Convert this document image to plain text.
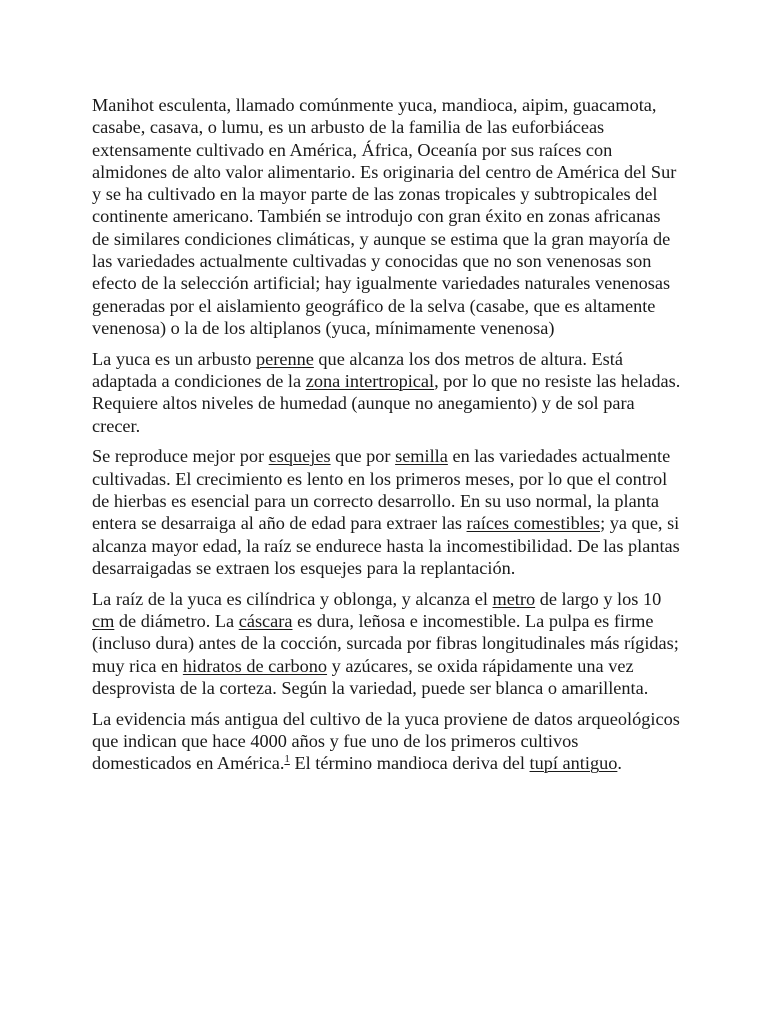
Manihot esculenta, llamado comúnmente yuca, mandioca, aipim, guacamota, casabe, casava, o lumu, es un arbusto de la familia de las euforbiáceas extensamente cultivado en América, África, Oceanía por sus raíces con almidones de alto valor alimentario. Es originaria del centro de América del Sur y se ha cultivado en la mayor parte de las zonas tropicales y subtropicales del continente americano. También se introdujo con gran éxito en zonas africanas de similares condiciones climáticas, y aunque se estima que la gran mayoría de las variedades actualmente cultivadas y conocidas que no son venenosas son efecto de la selección artificial; hay igualmente variedades naturales venenosas generadas por el aislamiento geográfico de la selva (casabe, que es altamente venenosa) o la de los altiplanos (yuca, mínimamente venenosa)

La yuca es un arbusto perenne que alcanza los dos metros de altura. Está adaptada a condiciones de la zona intertropical, por lo que no resiste las heladas. Requiere altos niveles de humedad (aunque no anegamiento) y de sol para crecer.

Se reproduce mejor por esquejes que por semilla en las variedades actualmente cultivadas. El crecimiento es lento en los primeros meses, por lo que el control de hierbas es esencial para un correcto desarrollo. En su uso normal, la planta entera se desarraiga al año de edad para extraer las raíces comestibles; ya que, si alcanza mayor edad, la raíz se endurece hasta la incomestibilidad. De las plantas desarraigadas se extraen los esquejes para la replantación.

La raíz de la yuca es cilíndrica y oblonga, y alcanza el metro de largo y los 10 cm de diámetro. La cáscara es dura, leñosa e incomestible. La pulpa es firme (incluso dura) antes de la cocción, surcada por fibras longitudinales más rígidas; muy rica en hidratos de carbono y azúcares, se oxida rápidamente una vez desprovista de la corteza. Según la variedad, puede ser blanca o amarillenta.

La evidencia más antigua del cultivo de la yuca proviene de datos arqueológicos que indican que hace 4000 años y fue uno de los primeros cultivos domesticados en América.$^1$ El término mandioca deriva del tupí antiguo.
